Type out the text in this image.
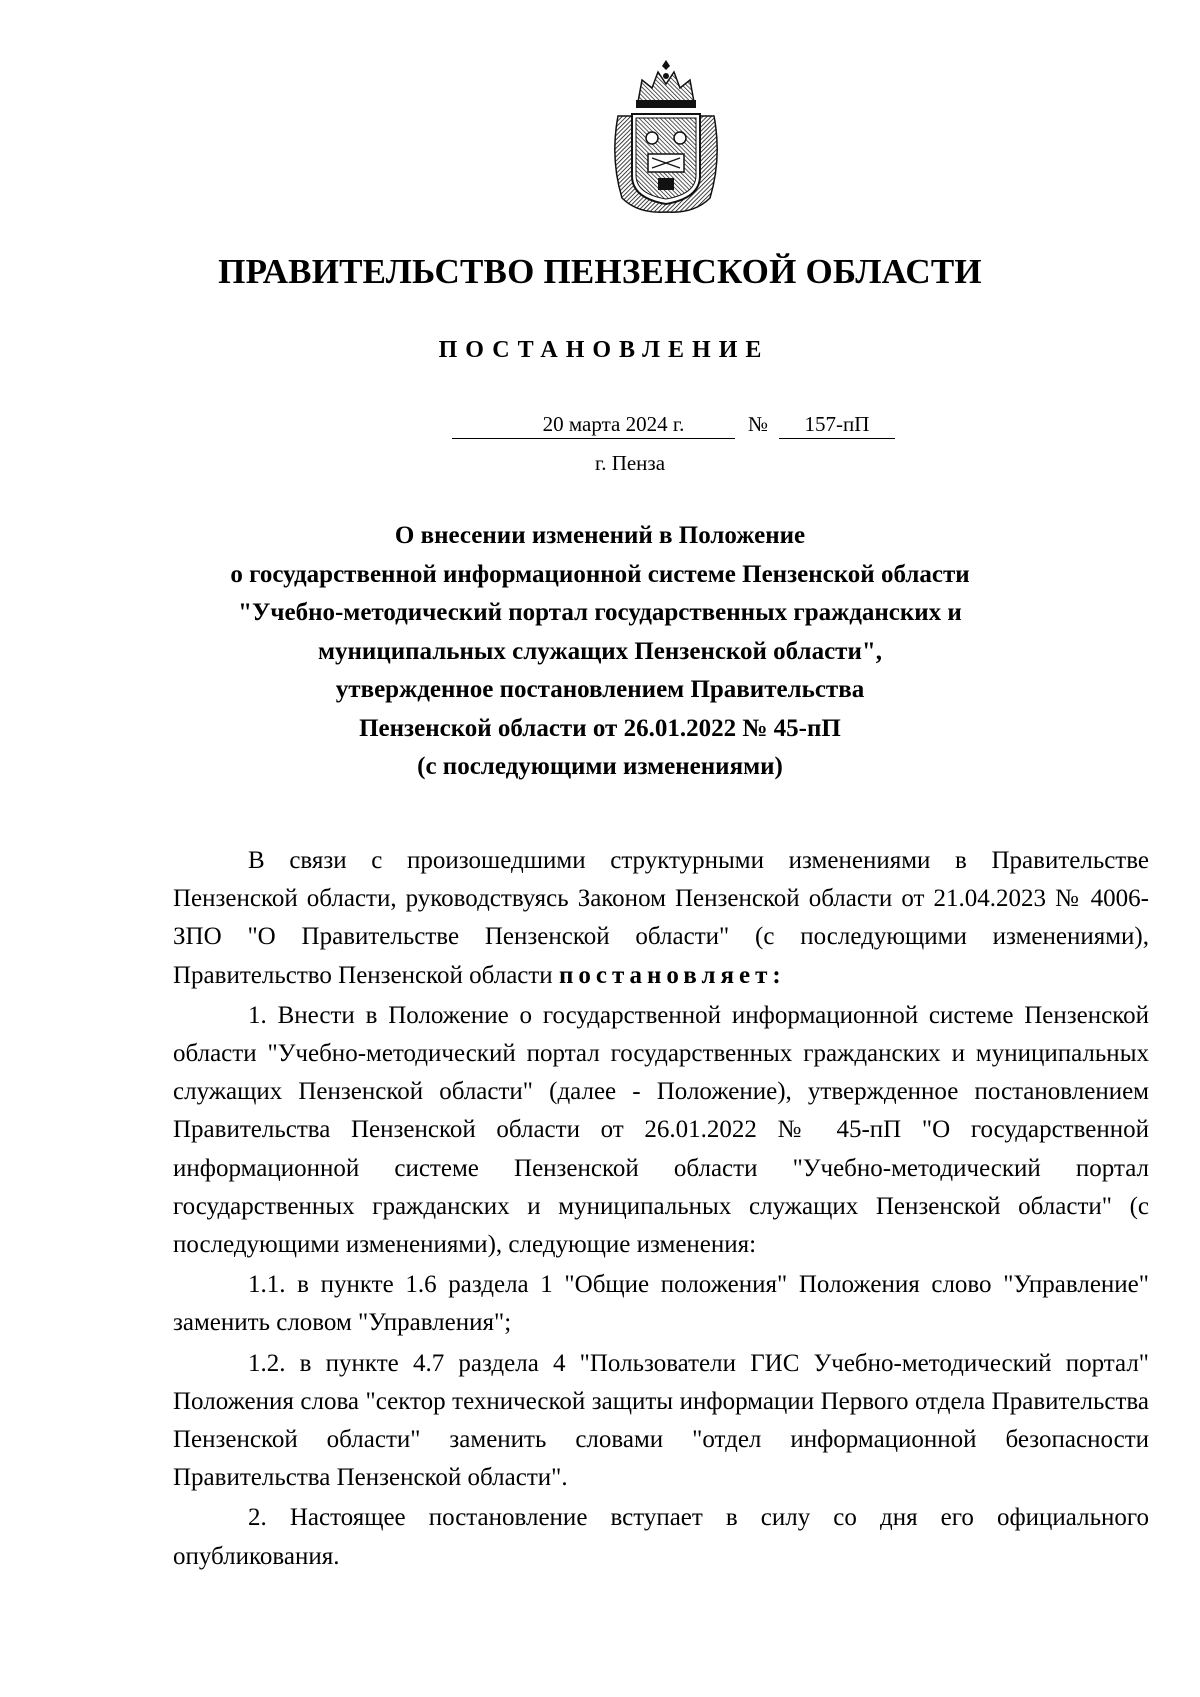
ПРАВИТЕЛЬСТВО ПЕНЗЕНСКОЙ ОБЛАСТИ
ПОСТАНОВЛЕНИЕ
20 марта 2024 г.	№	157-пП
г. Пенза
О внесении изменений в Положение
о государственной информационной системе Пензенской области
"Учебно-методический портал государственных гражданских и
муниципальных служащих Пензенской области",
утвержденное постановлением Правительства
Пензенской области от 26.01.2022 № 45-пП
(с последующими изменениями)

В связи с произошедшими структурными изменениями в Правительстве Пензенской области, руководствуясь Законом Пензенской области от 21.04.2023 № 4006-ЗПО "О Правительстве Пензенской области" (с последующими изменениями), Правительство Пензенской области постановляет:

1. Внести в Положение о государственной информационной системе Пензенской области "Учебно-методический портал государственных гражданских и муниципальных служащих Пензенской области" (далее - Положение), утвержденное постановлением Правительства Пензенской области от 26.01.2022 № 45-пП "О государственной информационной системе Пензенской области "Учебно-методический портал государственных гражданских и муниципальных служащих Пензенской области" (с последующими изменениями), следующие изменения:

1.1. в пункте 1.6 раздела 1 "Общие положения" Положения слово "Управление" заменить словом "Управления";

1.2. в пункте 4.7 раздела 4 "Пользователи ГИС Учебно-методический портал" Положения слова "сектор технической защиты информации Первого отдела Правительства Пензенской области" заменить словами "отдел информационной безопасности Правительства Пензенской области".

2. Настоящее постановление вступает в силу со дня его официального опубликования.
